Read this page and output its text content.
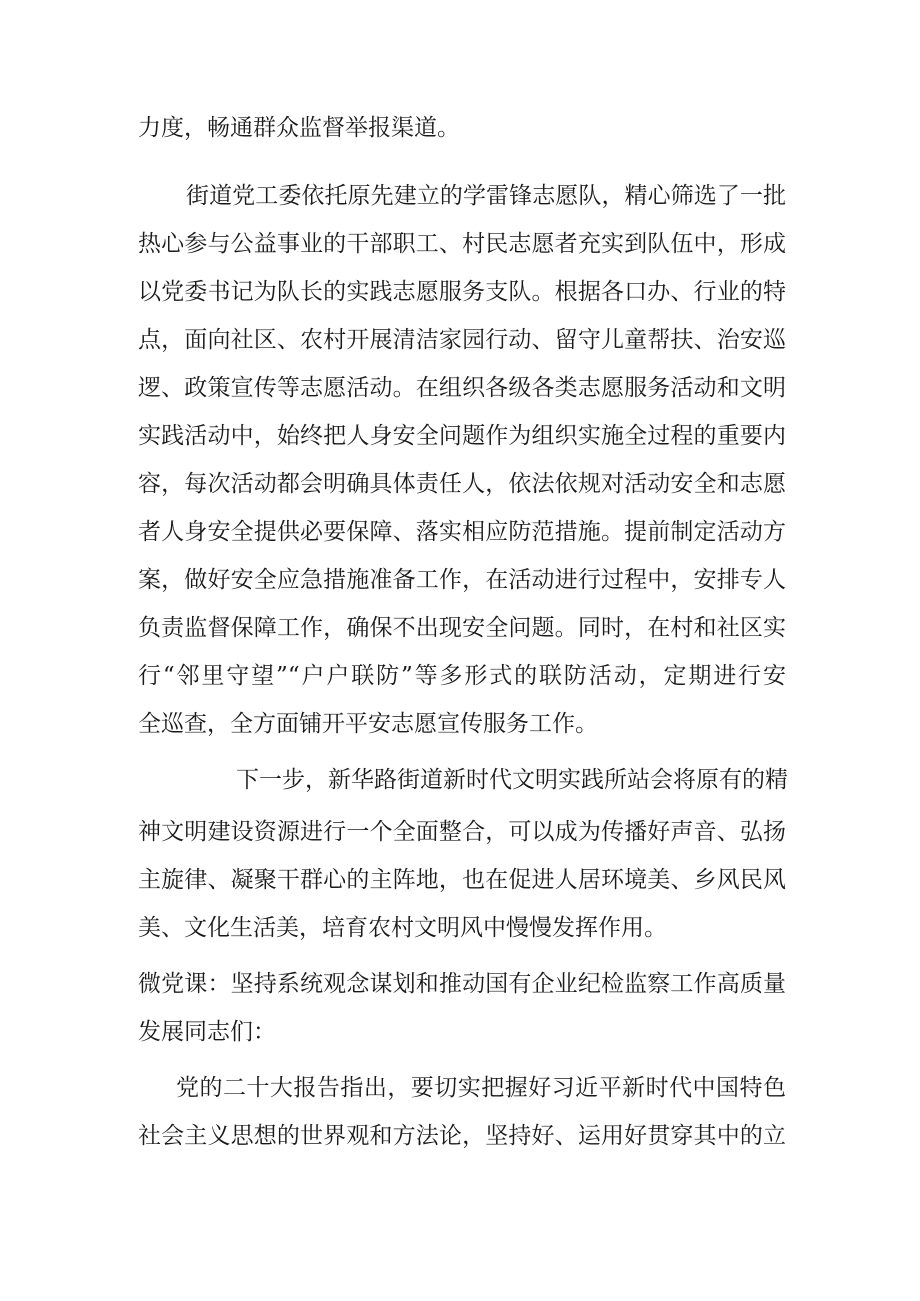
力度，畅通群众监督举报渠道。
街道党工委依托原先建立的学雷锋志愿队，精心筛选了一批
热心参与公益事业的干部职工、村民志愿者充实到队伍中，形成
以党委书记为队长的实践志愿服务支队。根据各口办、行业的特
点，面向社区、农村开展清洁家园行动、留守儿童帮扶、治安巡
逻、政策宣传等志愿活动。在组织各级各类志愿服务活动和文明
实践活动中，始终把人身安全问题作为组织实施全过程的重要内
容，每次活动都会明确具体责任人，依法依规对活动安全和志愿
者人身安全提供必要保障、落实相应防范措施。提前制定活动方
案，做好安全应急措施准备工作，在活动进行过程中，安排专人
负责监督保障工作，确保不出现安全问题。同时，在村和社区实
行“邻里守望”“户户联防”等多形式的联防活动，定期进行安
全巡查，全方面铺开平安志愿宣传服务工作。
下一步，新华路街道新时代文明实践所站会将原有的精
神文明建设资源进行一个全面整合，可以成为传播好声音、弘扬
主旋律、凝聚干群心的主阵地，也在促进人居环境美、乡风民风
美、文化生活美，培育农村文明风中慢慢发挥作用。
微党课：坚持系统观念谋划和推动国有企业纪检监察工作高质量
发展同志们：
党的二十大报告指出，要切实把握好习近平新时代中国特色
社会主义思想的世界观和方法论，坚持好、运用好贯穿其中的立
